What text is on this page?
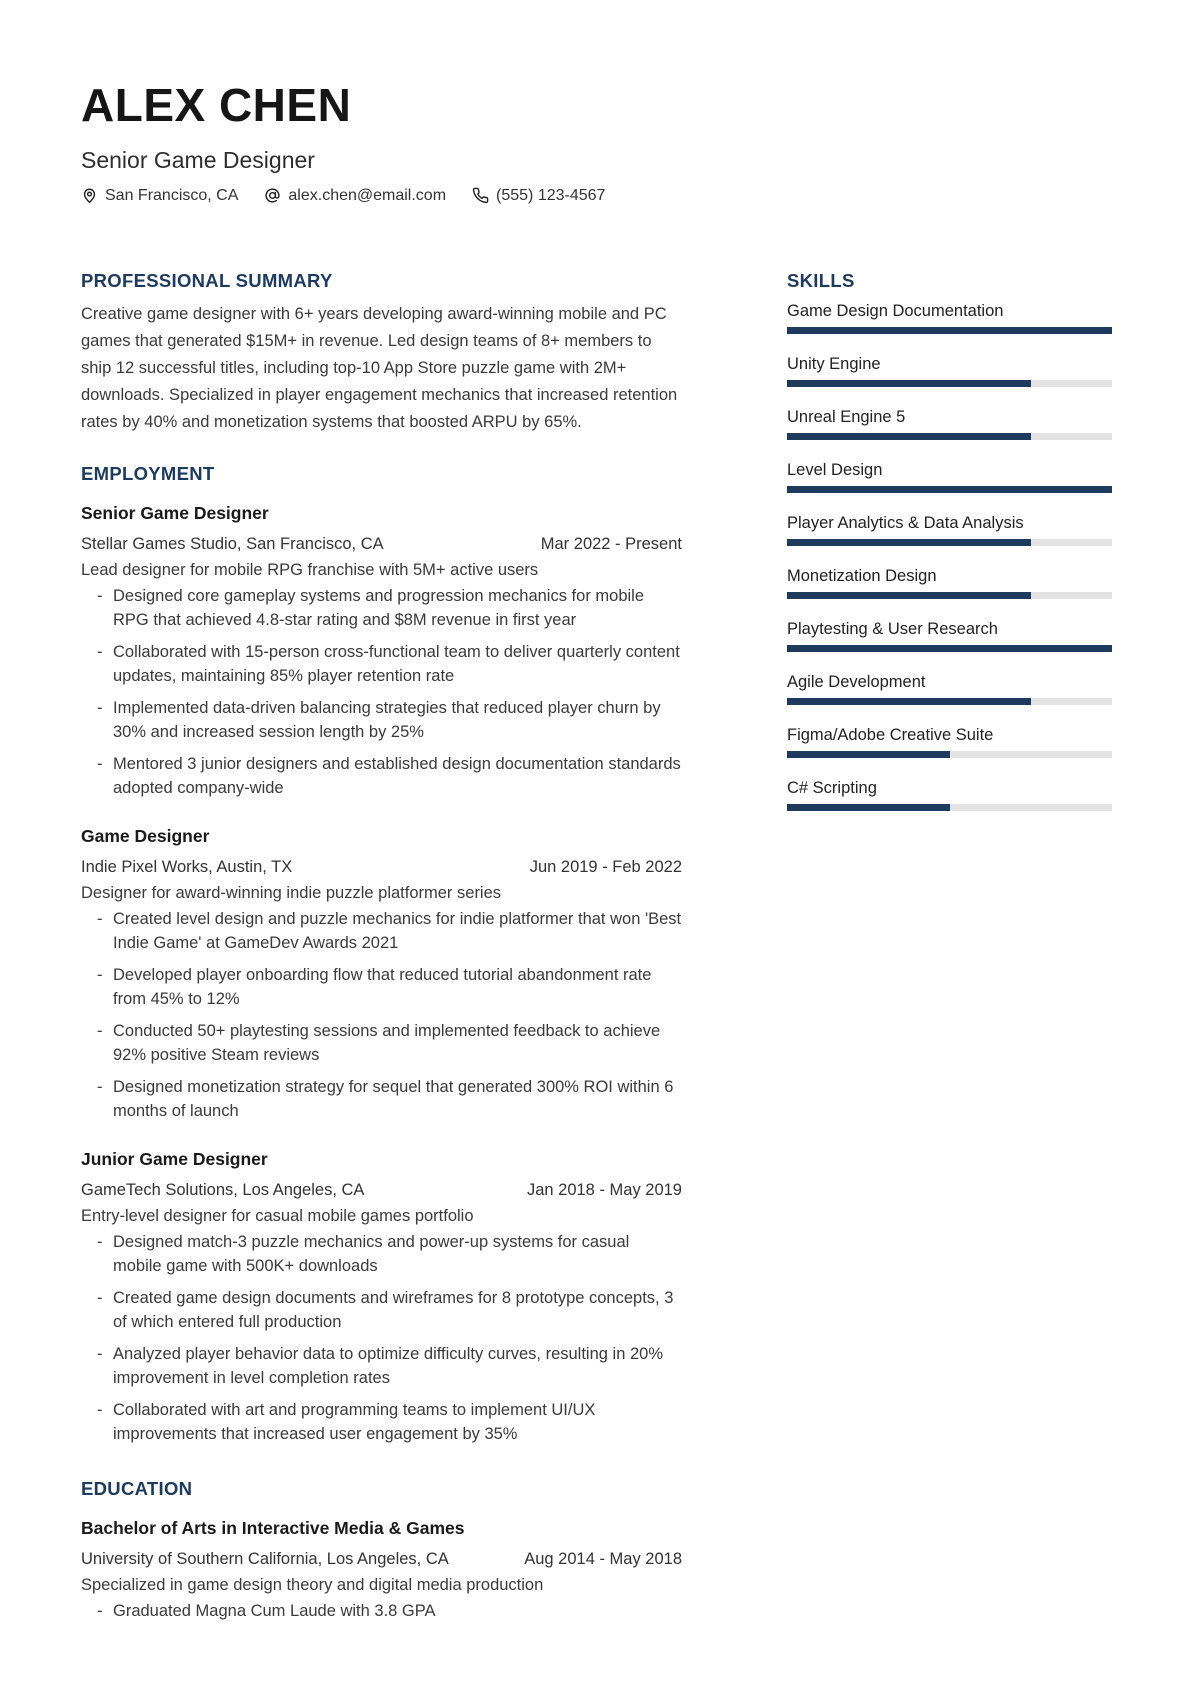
ALEX CHEN
Senior Game Designer
San Francisco, CA	alex.chen@email.com	(555) 123-4567
PROFESSIONAL SUMMARY

Creative game designer with 6+ years developing award-winning mobile and PC games that generated $15M+ in revenue. Led design teams of 8+ members to ship 12 successful titles, including top-10 App Store puzzle game with 2M+ downloads. Specialized in player engagement mechanics that increased retention rates by 40% and monetization systems that boosted ARPU by 65%.

EMPLOYMENT
Senior Game Designer
Stellar Games Studio, San Francisco, CA	Mar 2022 - Present
Lead designer for mobile RPG franchise with 5M+ active users
- Designed core gameplay systems and progression mechanics for mobile RPG that achieved 4.8-star rating and $8M revenue in first year
- Collaborated with 15-person cross-functional team to deliver quarterly content updates, maintaining 85% player retention rate
- Implemented data-driven balancing strategies that reduced player churn by 30% and increased session length by 25%
- Mentored 3 junior designers and established design documentation standards adopted company-wide
Game Designer
Indie Pixel Works, Austin, TX	Jun 2019 - Feb 2022
Designer for award-winning indie puzzle platformer series
- Created level design and puzzle mechanics for indie platformer that won 'Best Indie Game' at GameDev Awards 2021
- Developed player onboarding flow that reduced tutorial abandonment rate from 45% to 12%
- Conducted 50+ playtesting sessions and implemented feedback to achieve 92% positive Steam reviews
- Designed monetization strategy for sequel that generated 300% ROI within 6 months of launch
Junior Game Designer
GameTech Solutions, Los Angeles, CA	Jan 2018 - May 2019
Entry-level designer for casual mobile games portfolio
- Designed match-3 puzzle mechanics and power-up systems for casual mobile game with 500K+ downloads
- Created game design documents and wireframes for 8 prototype concepts, 3 of which entered full production
- Analyzed player behavior data to optimize difficulty curves, resulting in 20% improvement in level completion rates
- Collaborated with art and programming teams to implement UI/UX improvements that increased user engagement by 35%
EDUCATION
Bachelor of Arts in Interactive Media & Games
University of Southern California, Los Angeles, CA	Aug 2014 - May 2018
Specialized in game design theory and digital media production
- Graduated Magna Cum Laude with 3.8 GPA
SKILLS
Game Design Documentation
Unity Engine
Unreal Engine 5
Level Design
Player Analytics & Data Analysis
Monetization Design
Playtesting & User Research
Agile Development
Figma/Adobe Creative Suite
C# Scripting
